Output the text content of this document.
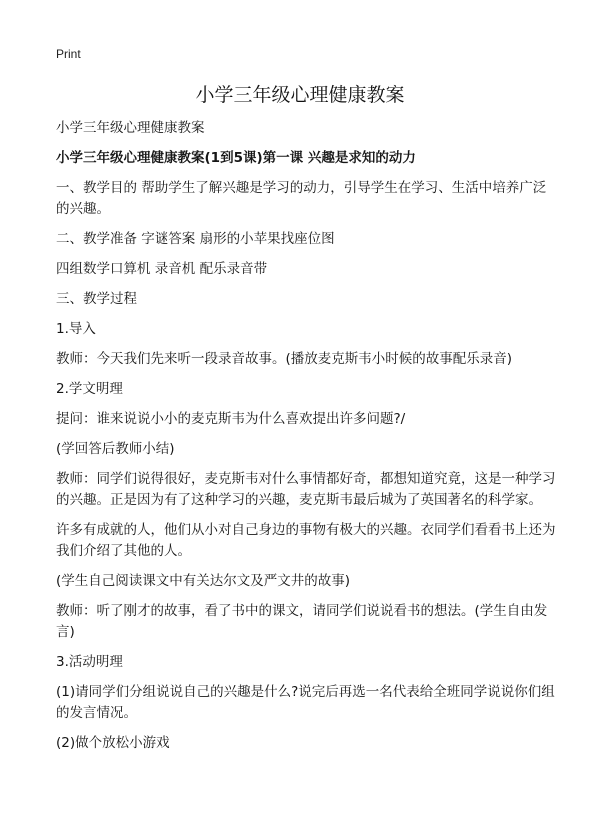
Print
小学三年级心理健康教案

小学三年级心理健康教案

小学三年级心理健康教案(1到5课)第一课 兴趣是求知的动力

一、教学目的 帮助学生了解兴趣是学习的动力，引导学生在学习、生活中培养广泛的兴趣。

二、教学准备 字谜答案 扇形的小苹果找座位图

四组数学口算机 录音机 配乐录音带

三、教学过程

1.导入

教师：今天我们先来听一段录音故事。(播放麦克斯韦小时候的故事配乐录音)

2.学文明理

提问：谁来说说小小的麦克斯韦为什么喜欢提出许多问题?/

(学回答后教师小结)

教师：同学们说得很好，麦克斯韦对什么事情都好奇，都想知道究竟，这是一种学习的兴趣。正是因为有了这种学习的兴趣，麦克斯韦最后城为了英国著名的科学家。

许多有成就的人，他们从小对自己身边的事物有极大的兴趣。衣同学们看看书上还为我们介绍了其他的人。

(学生自己阅读课文中有关达尔文及严文井的故事)

教师：听了刚才的故事，看了书中的课文，请同学们说说看书的想法。(学生自由发言)

3.活动明理

(1)请同学们分组说说自己的兴趣是什么?说完后再选一名代表给全班同学说说你们组的发言情况。

(2)做个放松小游戏
